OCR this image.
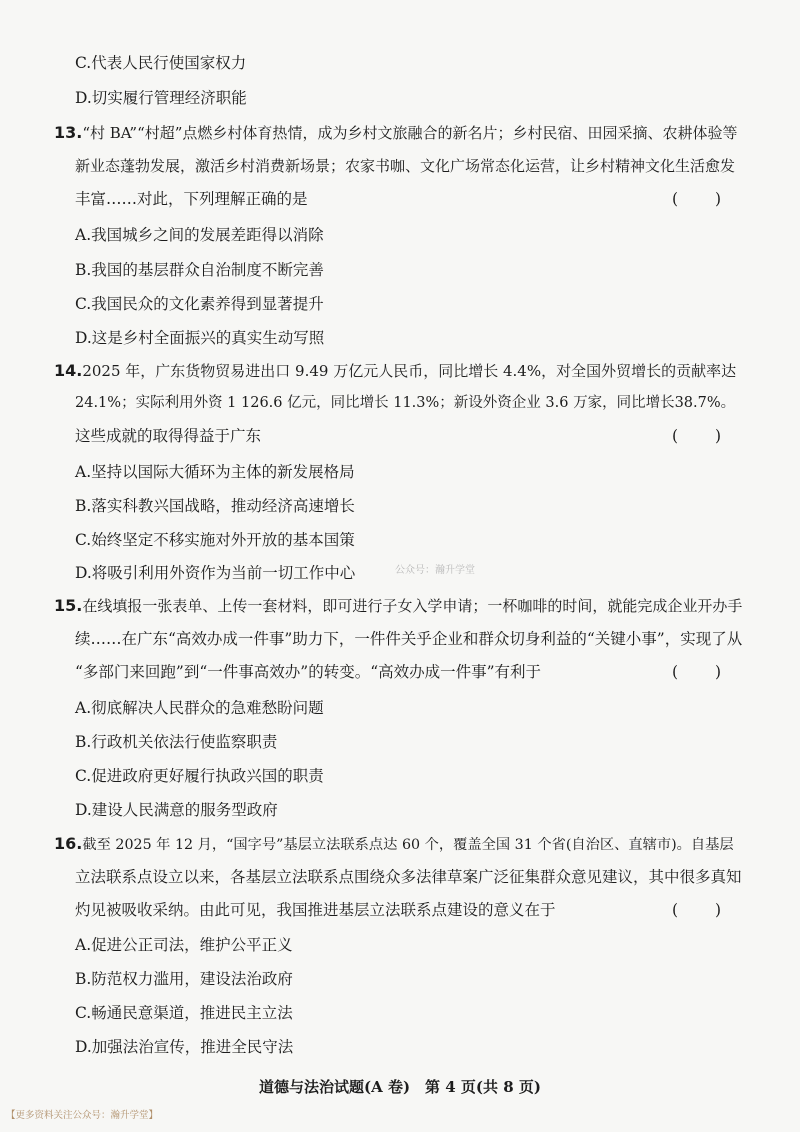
C.代表人民行使国家权力

D.切实履行管理经济职能

13.“村 BA”“村超”点燃乡村体育热情，成为乡村文旅融合的新名片；乡村民宿、田园采摘、农耕体验等

新业态蓬勃发展，激活乡村消费新场景；农家书咖、文化广场常态化运营，让乡村精神文化生活愈发

丰富……对此，下列理解正确的是	(　　)

A.我国城乡之间的发展差距得以消除

B.我国的基层群众自治制度不断完善

C.我国民众的文化素养得到显著提升

D.这是乡村全面振兴的真实生动写照

14.2025 年，广东货物贸易进出口 9.49 万亿元人民币，同比增长 4.4%，对全国外贸增长的贡献率达

24.1%；实际利用外资 1 126.6 亿元，同比增长 11.3%；新设外资企业 3.6 万家，同比增长38.7%。

这些成就的取得得益于广东	(　　)

A.坚持以国际大循环为主体的新发展格局

B.落实科教兴国战略，推动经济高速增长

C.始终坚定不移实施对外开放的基本国策

D.将吸引利用外资作为当前一切工作中心	公众号：瀚升学堂

15.在线填报一张表单、上传一套材料，即可进行子女入学申请；一杯咖啡的时间，就能完成企业开办手

续……在广东“高效办成一件事”助力下，一件件关乎企业和群众切身利益的“关键小事”，实现了从

“多部门来回跑”到“一件事高效办”的转变。“高效办成一件事”有利于	(　　)

A.彻底解决人民群众的急难愁盼问题

B.行政机关依法行使监察职责

C.促进政府更好履行执政兴国的职责

D.建设人民满意的服务型政府

16.截至 2025 年 12 月，“国字号”基层立法联系点达 60 个，覆盖全国 31 个省(自治区、直辖市)。自基层

立法联系点设立以来，各基层立法联系点围绕众多法律草案广泛征集群众意见建议，其中很多真知

灼见被吸收采纳。由此可见，我国推进基层立法联系点建设的意义在于	(　　)

A.促进公正司法，维护公平正义

B.防范权力滥用，建设法治政府

C.畅通民意渠道，推进民主立法

D.加强法治宣传，推进全民守法

道德与法治试题(A 卷)　第 4 页(共 8 页)

【更多资料关注公众号：瀚升学堂】
